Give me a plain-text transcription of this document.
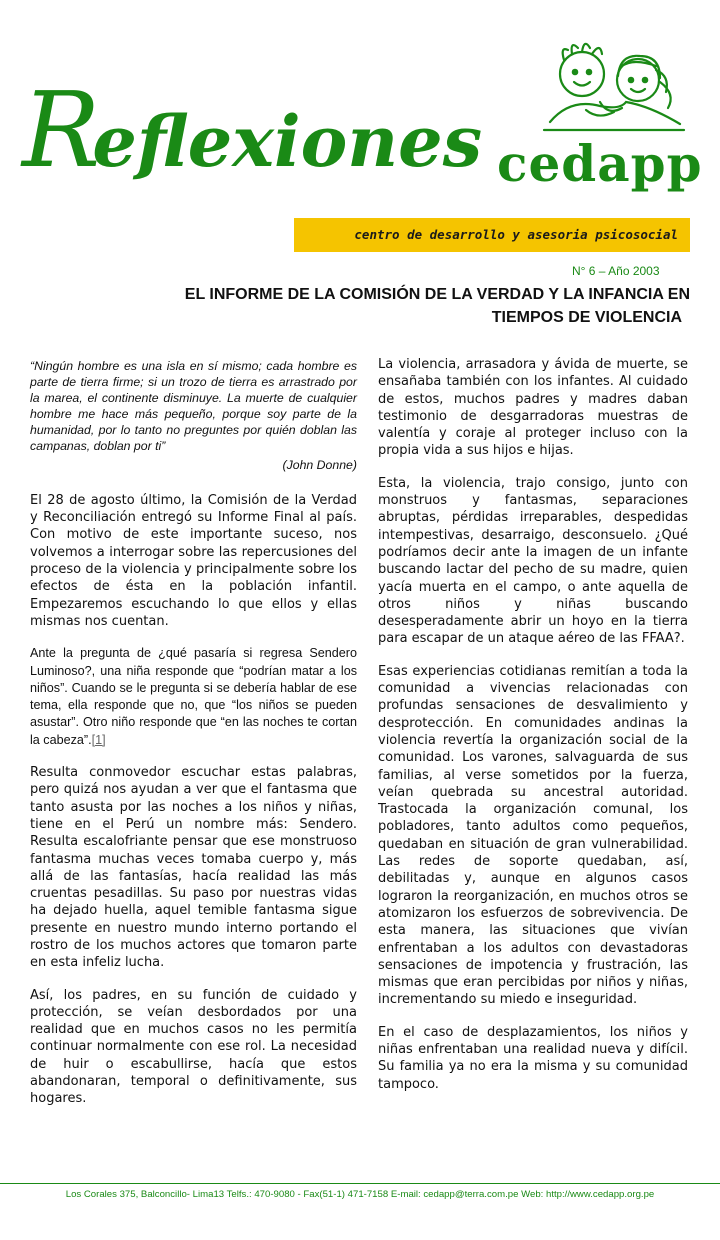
Reflexiones cedapp
centro de desarrollo y asesoria psicosocial
N° 6 – Año 2003
EL INFORME DE LA COMISIÓN DE LA VERDAD Y LA INFANCIA EN
TIEMPOS DE VIOLENCIA

“Ningún hombre es una isla en sí mismo; cada hombre es parte de tierra firme; si un trozo de tierra es arrastrado por la marea, el continente disminuye. La muerte de cualquier hombre me hace más pequeño, porque soy parte de la humanidad, por lo tanto no preguntes por quién doblan las campanas, doblan por ti”

(John Donne)

El 28 de agosto último, la Comisión de la Verdad y Reconciliación entregó su Informe Final al país. Con motivo de este importante suceso, nos volvemos a interrogar sobre las repercusiones del proceso de la violencia y principalmente sobre los efectos de ésta en la población infantil. Empezaremos escuchando lo que ellos y ellas mismas nos cuentan.

Ante la pregunta de ¿qué pasaría si regresa Sendero Luminoso?, una niña responde que “podrían matar a los niños”. Cuando se le pregunta si se debería hablar de ese tema, ella responde que no, que “los niños se pueden asustar”. Otro niño responde que “en las noches te cortan la cabeza”.[1]

Resulta conmovedor escuchar estas palabras, pero quizá nos ayudan a ver que el fantasma que tanto asusta por las noches a los niños y niñas, tiene en el Perú un nombre más: Sendero. Resulta escalofriante pensar que ese monstruoso fantasma muchas veces tomaba cuerpo y, más allá de las fantasías, hacía realidad las más cruentas pesadillas. Su paso por nuestras vidas ha dejado huella, aquel temible fantasma sigue presente en nuestro mundo interno portando el rostro de los muchos actores que tomaron parte en esta infeliz lucha.

Así, los padres, en su función de cuidado y protección, se veían desbordados por una realidad que en muchos casos no les permitía continuar normalmente con ese rol. La necesidad de huir o escabullirse, hacía que estos abandonaran, temporal o definitivamente, sus hogares.

La violencia, arrasadora y ávida de muerte, se ensañaba también con los infantes. Al cuidado de estos, muchos padres y madres daban testimonio de desgarradoras muestras de valentía y coraje al proteger incluso con la propia vida a sus hijos e hijas.

Esta, la violencia, trajo consigo, junto con monstruos y fantasmas, separaciones abruptas, pérdidas irreparables, despedidas intempestivas, desarraigo, desconsuelo. ¿Qué podríamos decir ante la imagen de un infante buscando lactar del pecho de su madre, quien yacía muerta en el campo, o ante aquella de otros niños y niñas buscando desesperadamente abrir un hoyo en la tierra para escapar de un ataque aéreo de las FFAA?.

Esas experiencias cotidianas remitían a toda la comunidad a vivencias relacionadas con profundas sensaciones de desvalimiento y desprotección. En comunidades andinas la violencia revertía la organización social de la comunidad. Los varones, salvaguarda de sus familias, al verse sometidos por la fuerza, veían quebrada su ancestral autoridad. Trastocada la organización comunal, los pobladores, tanto adultos como pequeños, quedaban en situación de gran vulnerabilidad. Las redes de soporte quedaban, así, debilitadas y, aunque en algunos casos lograron la reorganización, en muchos otros se atomizaron los esfuerzos de sobrevivencia. De esta manera, las situaciones que vivían enfrentaban a los adultos con devastadoras sensaciones de impotencia y frustración, las mismas que eran percibidas por niños y niñas, incrementando su miedo e inseguridad.

En el caso de desplazamientos, los niños y niñas enfrentaban una realidad nueva y difícil. Su familia ya no era la misma y su comunidad tampoco.

Los Corales 375, Balconcillo- Lima13 Telfs.: 470-9080 - Fax(51-1) 471-7158 E-mail: cedapp@terra.com.pe Web: http://www.cedapp.org.pe
